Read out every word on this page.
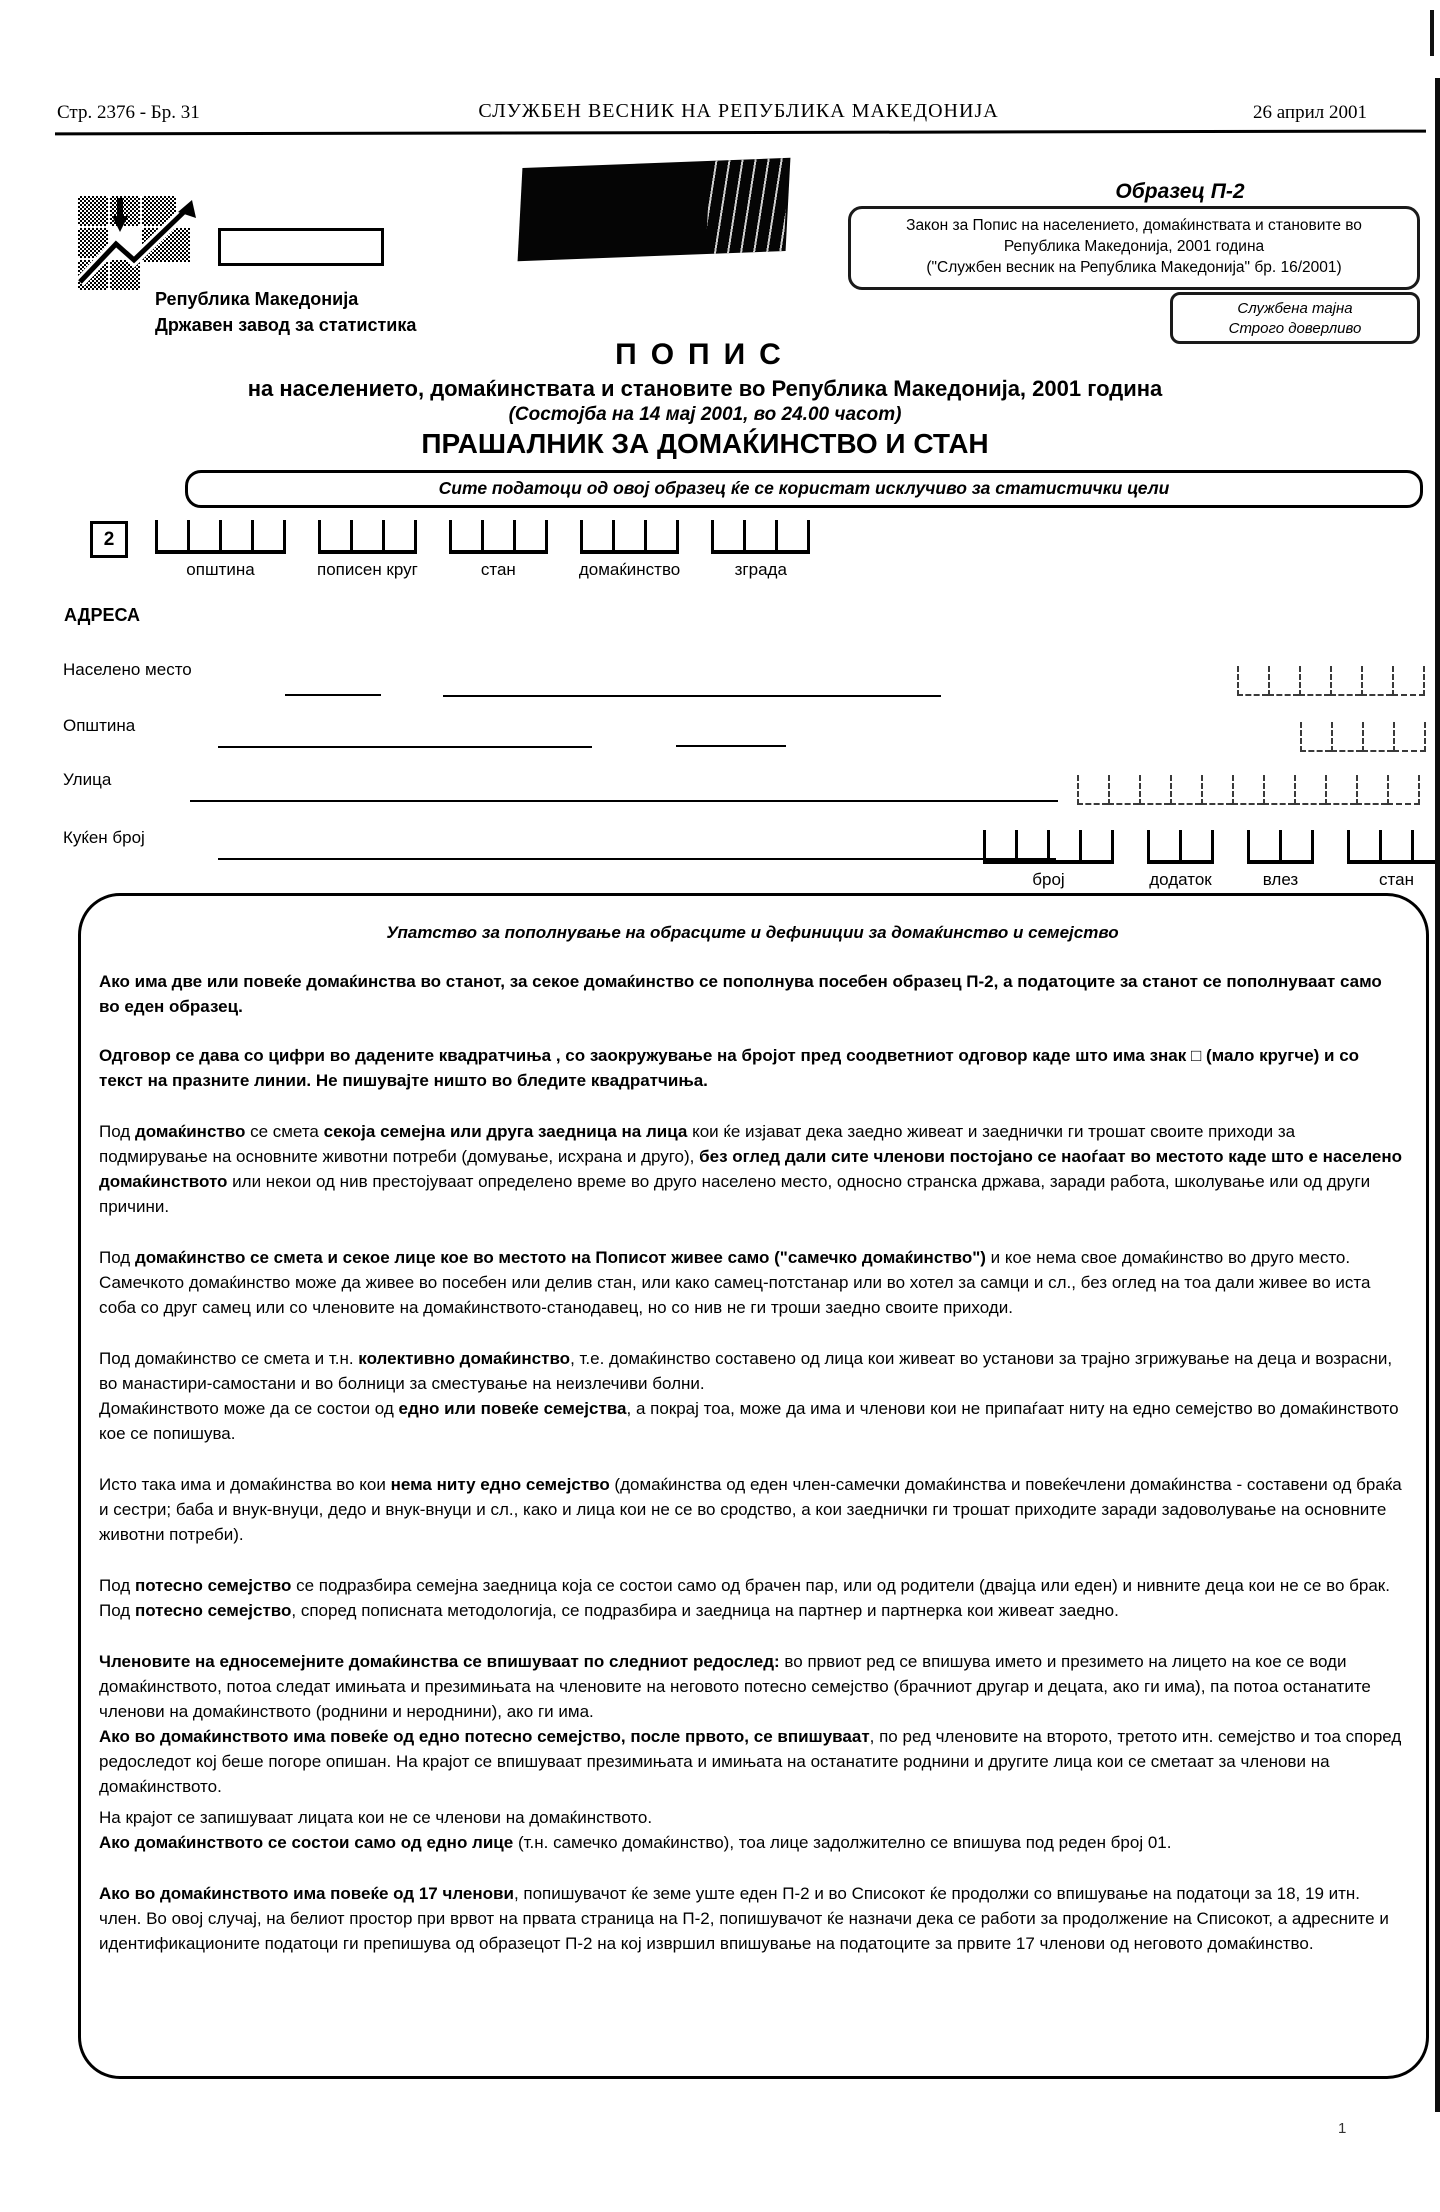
Стр. 2376 - Бр. 31	СЛУЖБЕН ВЕСНИК НА РЕПУБЛИКА МАКЕДОНИЈА	26 април 2001
Република Македонија
Државен завод за статистика
Образец П-2
Закон за Попис на населението, домаќинствата и становите во
Република Македонија, 2001 година
("Службен весник на Република Македонија" бр. 16/2001)
Службена тајна
Строго доверливо
ПОПИС
на населението, домаќинствата и становите во Република Македонија, 2001 година
(Состојба на 14 мај 2001, во 24.00 часот)
ПРАШАЛНИК ЗА ДОМАЌИНСТВО И СТАН
Сите податоци од овој образец ќе се користат исклучиво за статистички цели
2
општина	пописен круг	стан	домаќинство	зграда
АДРЕСА
Населено место
Општина
Улица
Куќен број
број	додаток	влез	стан

Упатство за пополнување на обрасците и дефиниции за домаќинство и семејство

Ако има две или повеќе домаќинства во станот, за секое домаќинство се пополнува посебен образец П-2, а податоците за станот се пополнуваат само во еден образец.

Одговор се дава со цифри во дадените квадратчиња , со заокружување на бројот пред соодветниот одговор каде што има знак □ (мало кругче) и со текст на празните линии. Не пишувајте ништо во бледите квадратчиња.

Под домаќинство се смета секоја семејна или друга заедница на лица кои ќе изјават дека заедно живеат и заеднички ги трошат своите приходи за подмирување на основните животни потреби (домување, исхрана и друго), без оглед дали сите членови постојано се наоѓаат во местото каде што е населено домаќинството или некои од нив престојуваат определено време во друго населено место, односно странска држава, заради работа, школување или од други причини.

Под домаќинство се смета и секое лице кое во местото на Пописот живее само ("самечко домаќинство") и кое нема свое домаќинство во друго место. Самечкото домаќинство може да живее во посебен или делив стан, или како самец-потстанар или во хотел за самци и сл., без оглед на тоа дали живее во иста соба со друг самец или со членовите на домаќинството-станодавец, но со нив не ги троши заедно своите приходи.

Под домаќинство се смета и т.н. колективно домаќинство, т.е. домаќинство составено од лица кои живеат во установи за трајно згрижување на деца и возрасни, во манастири-самостани и во болници за сместување на неизлечиви болни.

Домаќинството може да се состои од едно или повеќе семејства, а покрај тоа, може да има и членови кои не припаѓаат ниту на едно семејство во домаќинството кое се попишува.

Исто така има и домаќинства во кои нема ниту едно семејство (домаќинства од еден член-самечки домаќинства и повеќечлени домаќинства - составени од браќа и сестри; баба и внук-внуци, дедо и внук-внуци и сл., како и лица кои не се во сродство, а кои заеднички ги трошат приходите заради задоволување на основните животни потреби).

Под потесно семејство се подразбира семејна заедница која се состои само од брачен пар, или од родители (двајца или еден) и нивните деца кои не се во брак.

Под потесно семејство, според пописната методологија, се подразбира и заедница на партнер и партнерка кои живеат заедно.

Членовите на едносемејните домаќинства се впишуваат по следниот редослед: во првиот ред се впишува името и презимето на лицето на кое се води домаќинството, потоа следат имињата и презимињата на членовите на неговото потесно семејство (брачниот другар и децата, ако ги има), па потоа останатите членови на домаќинството (роднини и нероднини), ако ги има.

Ако во домаќинството има повеќе од едно потесно семејство, после првото, се впишуваат, по ред членовите на второто, третото итн. семејство и тоа според редоследот кој беше погоре опишан. На крајот се впишуваат презимињата и имињата на останатите роднини и другите лица кои се сметаат за членови на домаќинството.

На крајот се запишуваат лицата кои не се членови на домаќинството.

Ако домаќинството се состои само од едно лице (т.н. самечко домаќинство), тоа лице задолжително се впишува под реден број 01.

Ако во домаќинството има повеќе од 17 членови, попишувачот ќе земе уште еден П-2 и во Списокот ќе продолжи со впишување на податоци за 18, 19 итн. член. Во овој случај, на белиот простор при врвот на првата страница на П-2, попишувачот ќе назначи дека се работи за продолжение на Списокот, а адресните и идентификационите податоци ги препишува од образецот П-2 на кој извршил впишување на податоците за првите 17 членови од неговото домаќинство.

1
